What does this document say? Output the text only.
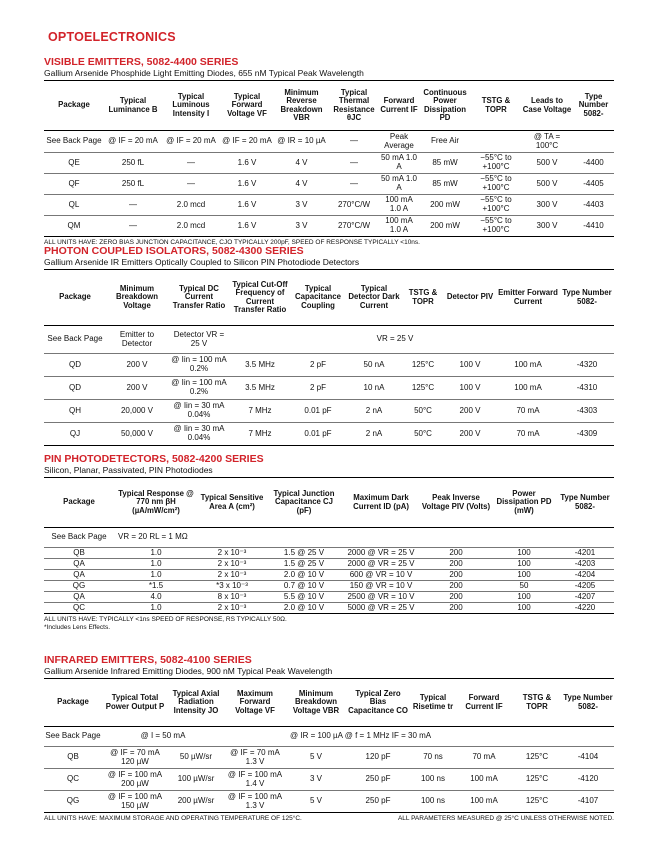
OPTOELECTRONICS
VISIBLE EMITTERS, 5082-4400 SERIES
Gallium Arsenide Phosphide Light Emitting Diodes, 655 nM Typical Peak Wavelength
Package	Typical Luminance B	Typical Luminous Intensity I	Typical Forward Voltage VF	Minimum Reverse Breakdown VBR	Typical Thermal Resistance θJC	Forward Current IF	Continuous Power Dissipation PD	TSTG & TOPR	Leads to Case Voltage	Type Number 5082-
See Back Page	@ IF = 20 mA	@ IF = 20 mA	@ IF = 20 mA	@ IR = 10 µA	—	Peak Average	Free Air		@ TA = 100°C	
QE	250 fL	—	1.6 V	4 V	—	50 mA 1.0 A	85 mW	−55°C to +100°C	500 V	-4400
QF	250 fL	—	1.6 V	4 V	—	50 mA 1.0 A	85 mW	−55°C to +100°C	500 V	-4405
QL	—	2.0 mcd	1.6 V	3 V	270°C/W	100 mA 1.0 A	200 mW	−55°C to +100°C	300 V	-4403
QM	—	2.0 mcd	1.6 V	3 V	270°C/W	100 mA 1.0 A	200 mW	−55°C to +100°C	300 V	-4410
ALL UNITS HAVE: ZERO BIAS JUNCTION CAPACITANCE, CJO TYPICALLY 200pF, SPEED OF RESPONSE TYPICALLY <10ns.
PHOTON COUPLED ISOLATORS, 5082-4300 SERIES
Gallium Arsenide IR Emitters Optically Coupled to Silicon PIN Photodiode Detectors
Package	Minimum Breakdown Voltage	Typical DC Current Transfer Ratio	Typical Cut-Off Frequency of Current Transfer Ratio	Typical Capacitance Coupling	Typical Detector Dark Current	TSTG & TOPR	Detector PIV	Emitter Forward Current	Type Number 5082-
See Back Page	Emitter to Detector	Detector VR = 25 V			VR = 25 V				
QD	200 V	@ Iin = 100 mA 0.2%	3.5 MHz	2 pF	50 nA	125°C	100 V	100 mA	-4320
QD	200 V	@ Iin = 100 mA 0.2%	3.5 MHz	2 pF	10 nA	125°C	100 V	100 mA	-4310
QH	20,000 V	@ Iin = 30 mA 0.04%	7 MHz	0.01 pF	2 nA	50°C	200 V	70 mA	-4303
QJ	50,000 V	@ Iin = 30 mA 0.04%	7 MHz	0.01 pF	2 nA	50°C	200 V	70 mA	-4309
PIN PHOTODETECTORS, 5082-4200 SERIES
Silicon, Planar, Passivated, PIN Photodiodes
Package	Typical Response @ 770 nm βH (µA/mW/cm²)	Typical Sensitive Area A (cm²)	Typical Junction Capacitance CJ (pF)	Maximum Dark Current ID (pA)	Peak Inverse Voltage PIV (Volts)	Power Dissipation PD (mW)	Type Number 5082-
See Back Page	VR = 20 RL = 1 MΩ						
QB	1.0	2 x 10⁻³	1.5 @ 25 V	2000 @ VR = 25 V	200	100	-4201
QA	1.0	2 x 10⁻³	1.5 @ 25 V	2000 @ VR = 25 V	200	100	-4203
QA	1.0	2 x 10⁻³	2.0 @ 10 V	600 @ VR = 10 V	200	100	-4204
QG	*1.5	*3 x 10⁻³	0.7 @ 10 V	150 @ VR = 10 V	200	50	-4205
QA	4.0	8 x 10⁻³	5.5 @ 10 V	2500 @ VR = 10 V	200	100	-4207
QC	1.0	2 x 10⁻³	2.0 @ 10 V	5000 @ VR = 25 V	200	100	-4220
ALL UNITS HAVE: TYPICALLY <1ns SPEED OF RESPONSE, RS TYPICALLY 50Ω.
*Includes Lens Effects.
INFRARED EMITTERS, 5082-4100 SERIES
Gallium Arsenide Infrared Emitting Diodes, 900 nM Typical Peak Wavelength
Package	Typical Total Power Output P	Typical Axial Radiation Intensity JO	Maximum Forward Voltage VF	Minimum Breakdown Voltage VBR	Typical Zero Bias Capacitance CO	Typical Risetime tr	Forward Current IF	TSTG & TOPR	Type Number 5082-
See Back Page	@ I = 50 mA			@ IR = 100 µA @ f = 1 MHz IF = 30 mA					
QB	@ IF = 70 mA 120 µW	50 µW/sr	@ IF = 70 mA 1.3 V	5 V	120 pF	70 ns	70 mA	125°C	-4104
QC	@ IF = 100 mA 200 µW	100 µW/sr	@ IF = 100 mA 1.4 V	3 V	250 pF	100 ns	100 mA	125°C	-4120
QG	@ IF = 100 mA 150 µW	200 µW/sr	@ IF = 100 mA 1.3 V	5 V	250 pF	100 ns	100 mA	125°C	-4107
ALL UNITS HAVE: MAXIMUM STORAGE AND OPERATING TEMPERATURE OF 125°C.	ALL PARAMETERS MEASURED @ 25°C UNLESS OTHERWISE NOTED.
